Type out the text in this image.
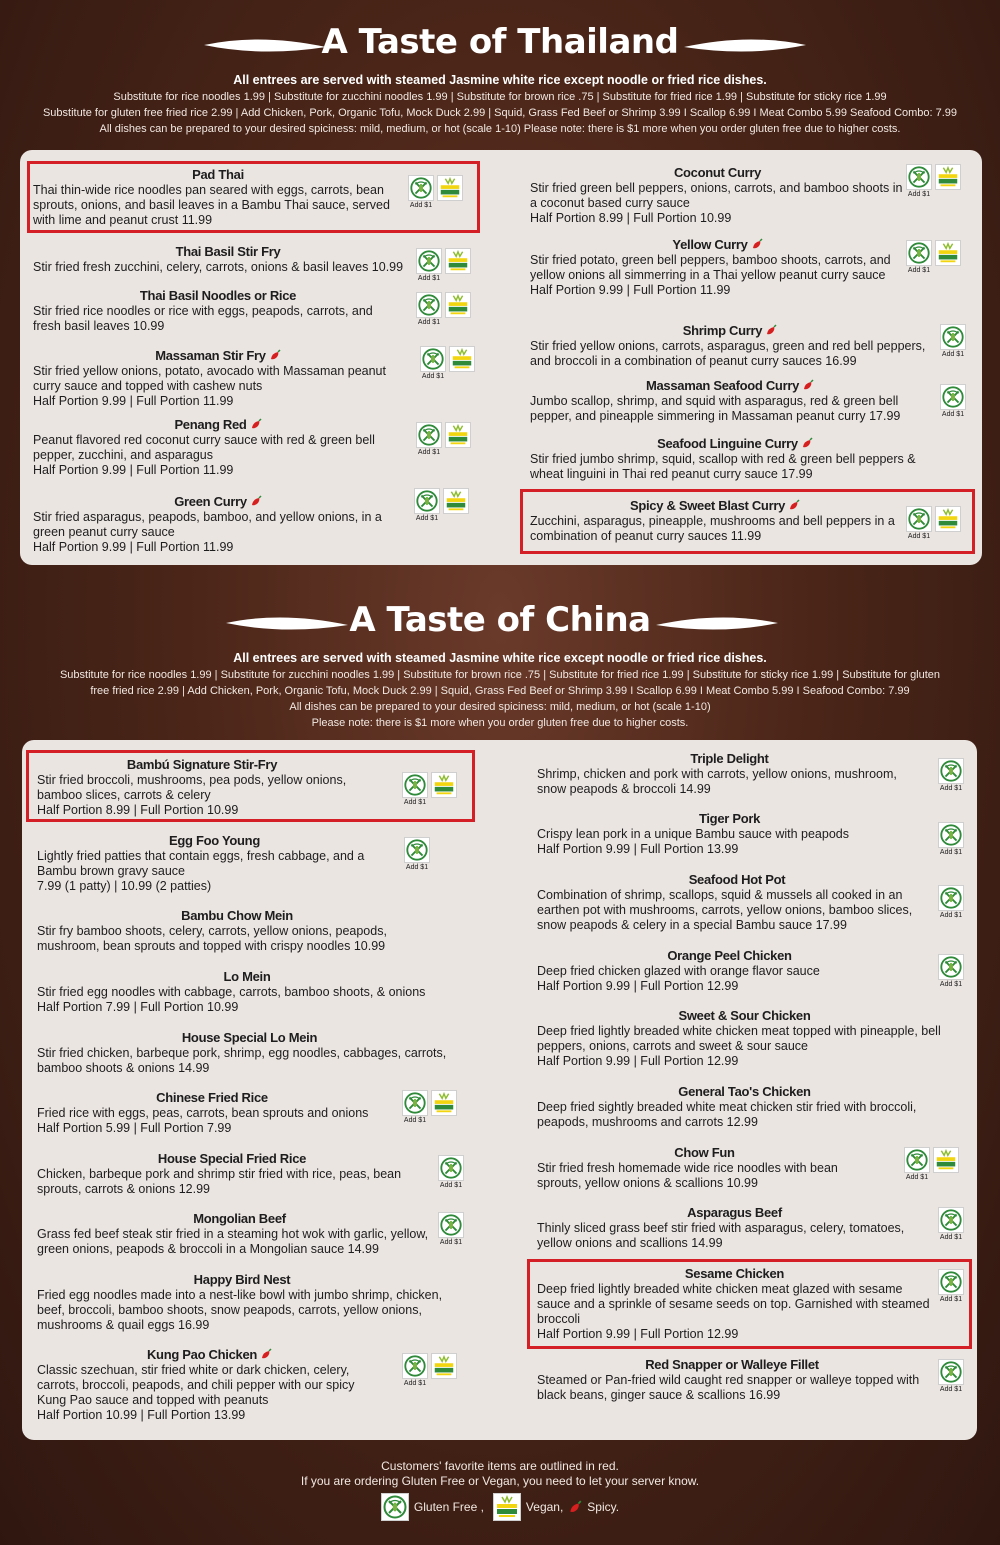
A Taste of Thailand
All entrees are served with steamed Jasmine white rice except noodle or fried rice dishes.
Substitute for rice noodles 1.99 | Substitute for zucchini noodles 1.99 | Substitute for brown rice .75 | Substitute for fried rice 1.99 | Substitute for sticky rice 1.99
Substitute for gluten free fried rice 2.99 | Add Chicken, Pork, Organic Tofu, Mock Duck 2.99 | Squid, Grass Fed Beef or Shrimp 3.99 I Scallop 6.99 I Meat Combo 5.99 Seafood Combo: 7.99
All dishes can be prepared to your desired spiciness: mild, medium, or hot (scale 1-10) Please note: there is $1 more when you order gluten free due to higher costs.
Pad Thai
Thai thin-wide rice noodles pan seared with eggs, carrots, bean sprouts, onions, and basil leaves in a Bambu Thai sauce, served with lime and peanut crust 11.99
Add $1
Thai Basil Stir Fry
Stir fried fresh zucchini, celery, carrots, onions & basil leaves 10.99
Add $1
Thai Basil Noodles or Rice
Stir fried rice noodles or rice with eggs, peapods, carrots, and fresh basil leaves 10.99	Add $1
Massaman Stir Fry
Stir fried yellow onions, potato, avocado with Massaman peanut curry sauce and topped with cashew nuts
Half Portion 9.99 | Full Portion 11.99
Add $1
Penang Red
Peanut flavored red coconut curry sauce with red & green bell pepper, zucchini, and asparagus
Half Portion 9.99 | Full Portion 11.99
Add $1
Green Curry
Stir fried asparagus, peapods, bamboo, and yellow onions, in a green peanut curry sauce
Half Portion 9.99 | Full Portion 11.99
Add $1
Coconut Curry
Stir fried green bell peppers, onions, carrots, and bamboo shoots in a coconut based curry sauce
Half Portion 8.99 | Full Portion 10.99
Add $1
Yellow Curry
Stir fried potato, green bell peppers, bamboo shoots, carrots, and yellow onions all simmerring in a Thai yellow peanut curry sauce
Half Portion 9.99 | Full Portion 11.99
Add $1
Shrimp Curry
Stir fried yellow onions, carrots, asparagus, green and red bell peppers, and broccoli in a combination of peanut curry sauces 16.99	Add $1
Massaman Seafood Curry
Jumbo scallop, shrimp, and squid with asparagus, red & green bell pepper, and pineapple simmering in Massaman peanut curry 17.99	Add $1
Seafood Linguine Curry
Stir fried jumbo shrimp, squid, scallop with red & green bell peppers & wheat linguini in Thai red peanut curry sauce 17.99
Spicy & Sweet Blast Curry
Zucchini, asparagus, pineapple, mushrooms and bell peppers in a combination of peanut curry sauces 11.99	Add $1
A Taste of China
All entrees are served with steamed Jasmine white rice except noodle or fried rice dishes.
Substitute for rice noodles 1.99 | Substitute for zucchini noodles 1.99 | Substitute for brown rice .75 | Substitute for fried rice 1.99 | Substitute for sticky rice 1.99 | Substitute for gluten
free fried rice 2.99 | Add Chicken, Pork, Organic Tofu, Mock Duck 2.99 | Squid, Grass Fed Beef or Shrimp 3.99 I Scallop 6.99 I Meat Combo 5.99 I Seafood Combo: 7.99
All dishes can be prepared to your desired spiciness: mild, medium, or hot (scale 1-10)
Please note: there is $1 more when you order gluten free due to higher costs.
Bambú Signature Stir-Fry
Stir fried broccoli, mushrooms, pea pods, yellow onions, bamboo slices, carrots & celery
Half Portion 8.99 | Full Portion 10.99
Add $1
Egg Foo Young
Lightly fried patties that contain eggs, fresh cabbage, and a Bambu brown gravy sauce
7.99 (1 patty) | 10.99 (2 patties)
Add $1
Bambu Chow Mein
Stir fry bamboo shoots, celery, carrots, yellow onions, peapods, mushroom, bean sprouts and topped with crispy noodles 10.99
Lo Mein
Stir fried egg noodles with cabbage, carrots, bamboo shoots, & onions
Half Portion 7.99 | Full Portion 10.99
House Special Lo Mein
Stir fried chicken, barbeque pork, shrimp, egg noodles, cabbages, carrots, bamboo shoots & onions 14.99
Chinese Fried Rice
Fried rice with eggs, peas, carrots, bean sprouts and onions
Half Portion 5.99 | Full Portion 7.99
Add $1
House Special Fried Rice
Chicken, barbeque pork and shrimp stir fried with rice, peas, bean sprouts, carrots & onions 12.99	Add $1
Mongolian Beef
Grass fed beef steak stir fried in a steaming hot wok with garlic, yellow, green onions, peapods & broccoli in a Mongolian sauce 14.99	Add $1
Happy Bird Nest
Fried egg noodles made into a nest-like bowl with jumbo shrimp, chicken, beef, broccoli, bamboo shoots, snow peapods, carrots, yellow onions, mushrooms & quail eggs 16.99
Kung Pao Chicken
Classic szechuan, stir fried white or dark chicken, celery, carrots, broccoli, peapods, and chili pepper with our spicy Kung Pao sauce and topped with peanuts
Half Portion 10.99 | Full Portion 13.99
Add $1
Triple Delight
Shrimp, chicken and pork with carrots, yellow onions, mushroom, snow peapods & broccoli 14.99	Add $1
Tiger Pork
Crispy lean pork in a unique Bambu sauce with peapods
Half Portion 9.99 | Full Portion 13.99	Add $1
Seafood Hot Pot
Combination of shrimp, scallops, squid & mussels all cooked in an earthen pot with mushrooms, carrots, yellow onions, bamboo slices, snow peapods & celery in a special Bambu sauce 17.99
Add $1
Orange Peel Chicken
Deep fried chicken glazed with orange flavor sauce
Half Portion 9.99 | Full Portion 12.99	Add $1
Sweet & Sour Chicken
Deep fried lightly breaded white chicken meat topped with pineapple, bell peppers, onions, carrots and sweet & sour sauce
Half Portion 9.99 | Full Portion 12.99
General Tao's Chicken
Deep fried sightly breaded white meat chicken stir fried with broccoli, peapods, mushrooms and carrots 12.99
Chow Fun
Stir fried fresh homemade wide rice noodles with bean sprouts, yellow onions & scallions 10.99	Add $1
Asparagus Beef
Thinly sliced grass beef stir fried with asparagus, celery, tomatoes, yellow onions and scallions 14.99	Add $1
Sesame Chicken
Deep fried lightly breaded white chicken meat glazed with sesame sauce and a sprinkle of sesame seeds on top. Garnished with steamed broccoli
Half Portion 9.99 | Full Portion 12.99
Add $1
Red Snapper or Walleye Fillet
Steamed or Pan-fried wild caught red snapper or walleye topped with black beans, ginger sauce & scallions 16.99	Add $1
Customers' favorite items are outlined in red.
If you are ordering Gluten Free or Vegan, you need to let your server know.
Gluten Free ,	Vegan, Spicy.
